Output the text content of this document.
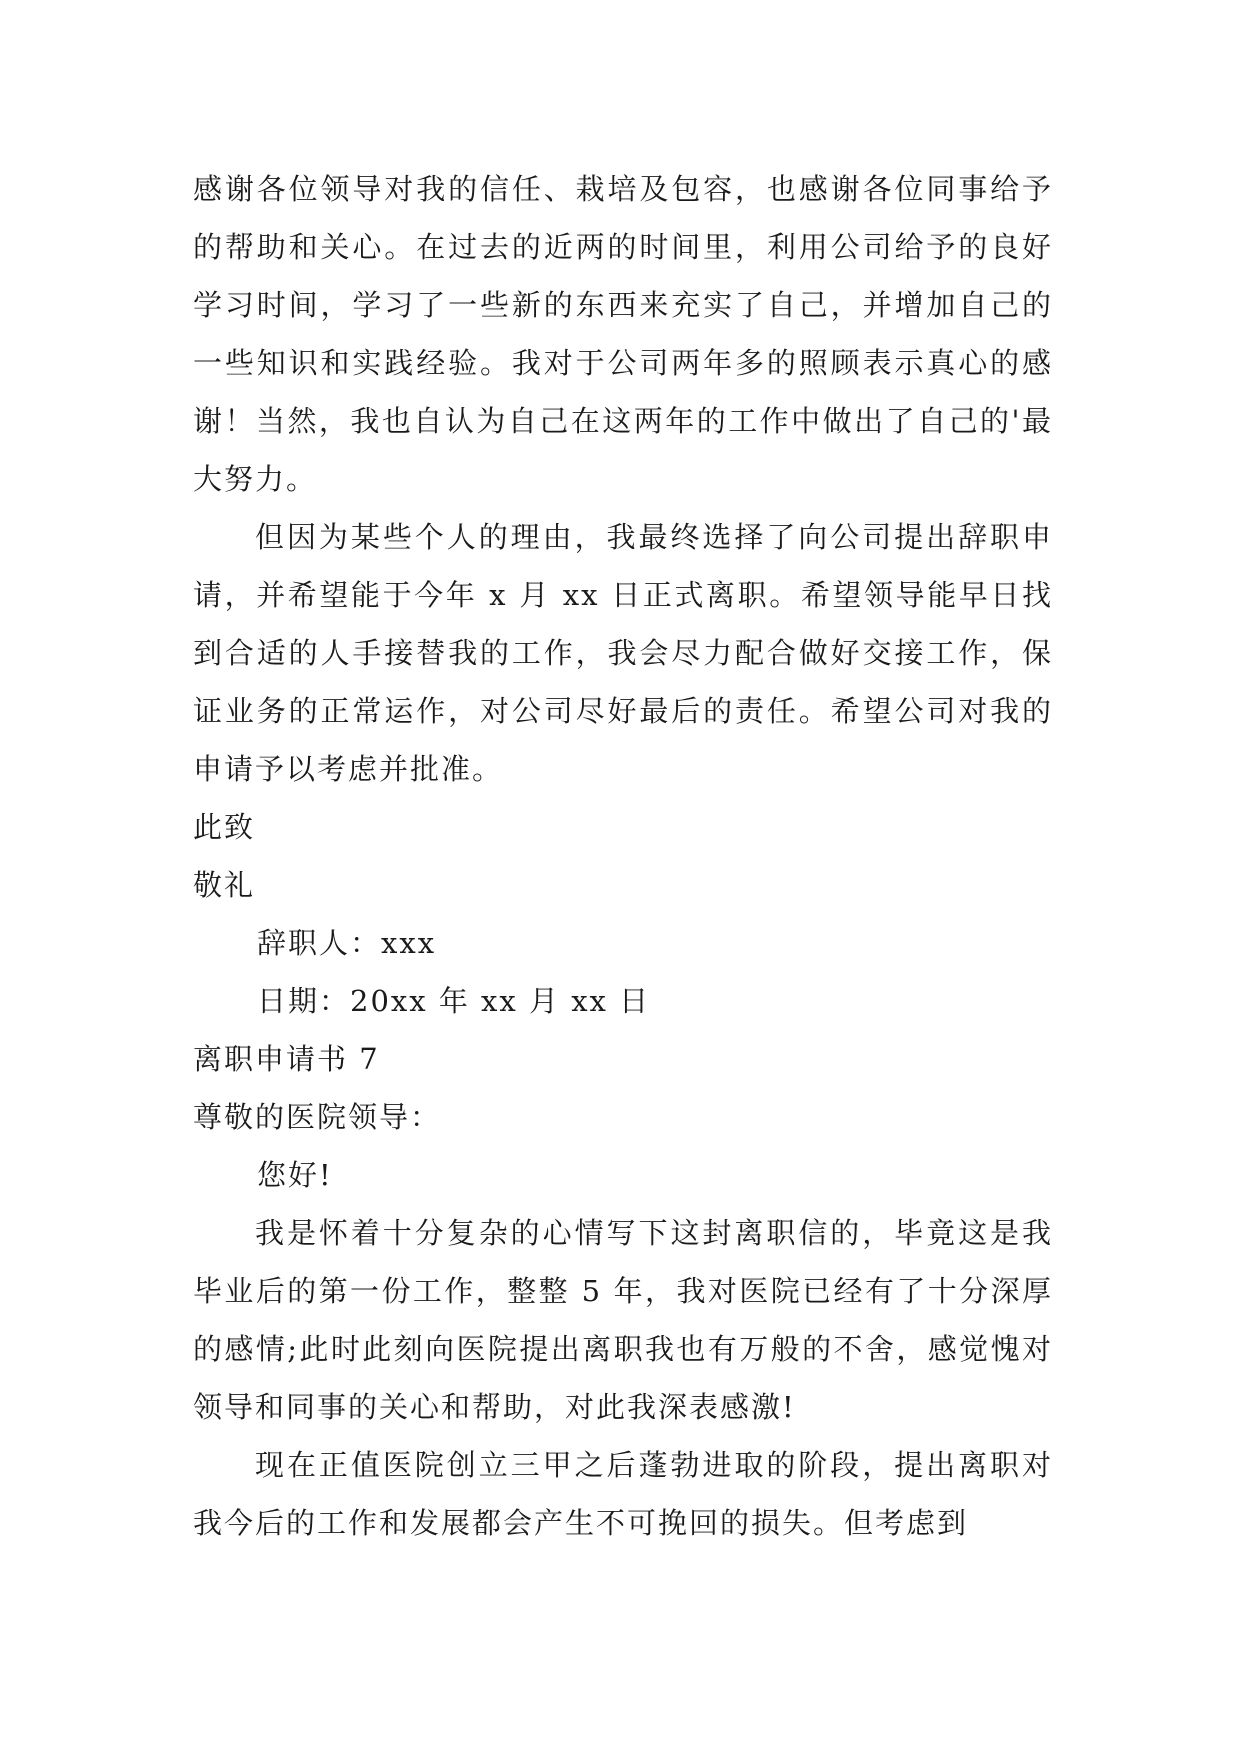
感谢各位领导对我的信任、栽培及包容，也感谢各位同事给予的帮助和关心。在过去的近两的时间里，利用公司给予的良好学习时间，学习了一些新的东西来充实了自己，并增加自己的一些知识和实践经验。我对于公司两年多的照顾表示真心的感谢！当然，我也自认为自己在这两年的工作中做出了自己的'最大努力。

但因为某些个人的理由，我最终选择了向公司提出辞职申请，并希望能于今年 x 月 xx 日正式离职。希望领导能早日找到合适的人手接替我的工作，我会尽力配合做好交接工作，保证业务的正常运作，对公司尽好最后的责任。希望公司对我的申请予以考虑并批准。

此致

敬礼

辞职人：xxx

日期：20xx 年 xx 月 xx 日

离职申请书 7

尊敬的医院领导：

您好!

我是怀着十分复杂的心情写下这封离职信的，毕竟这是我毕业后的第一份工作，整整 5 年，我对医院已经有了十分深厚的感情;此时此刻向医院提出离职我也有万般的不舍，感觉愧对领导和同事的关心和帮助，对此我深表感激!

现在正值医院创立三甲之后蓬勃进取的阶段，提出离职对我今后的工作和发展都会产生不可挽回的损失。但考虑到
